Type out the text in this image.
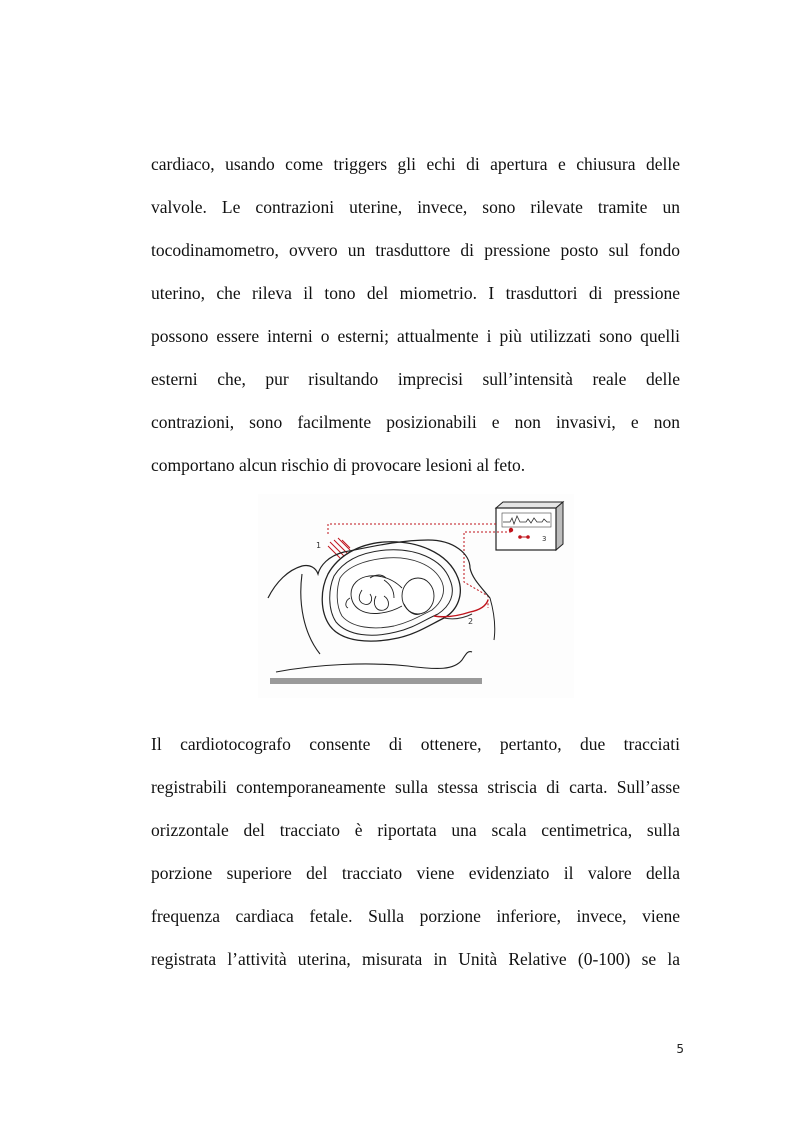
cardiaco, usando come triggers gli echi di apertura e chiusura delle
valvole. Le contrazioni uterine, invece, sono rilevate tramite un
tocodinamometro, ovvero un trasduttore di pressione posto sul fondo
uterino, che rileva il tono del miometrio. I trasduttori di pressione
possono essere interni o esterni; attualmente i più utilizzati sono quelli
esterni che, pur risultando imprecisi sull’intensità reale delle
contrazioni, sono facilmente posizionabili e non invasivi, e non
comportano alcun rischio di provocare lesioni al feto.
3
1
2
Il cardiotocografo consente di ottenere, pertanto, due tracciati
registrabili contemporaneamente sulla stessa striscia di carta. Sull’asse
orizzontale del tracciato è riportata una scala centimetrica, sulla
porzione superiore del tracciato viene evidenziato il valore della
frequenza cardiaca fetale. Sulla porzione inferiore, invece, viene
registrata l’attività uterina, misurata in Unità Relative (0-100) se la
5
